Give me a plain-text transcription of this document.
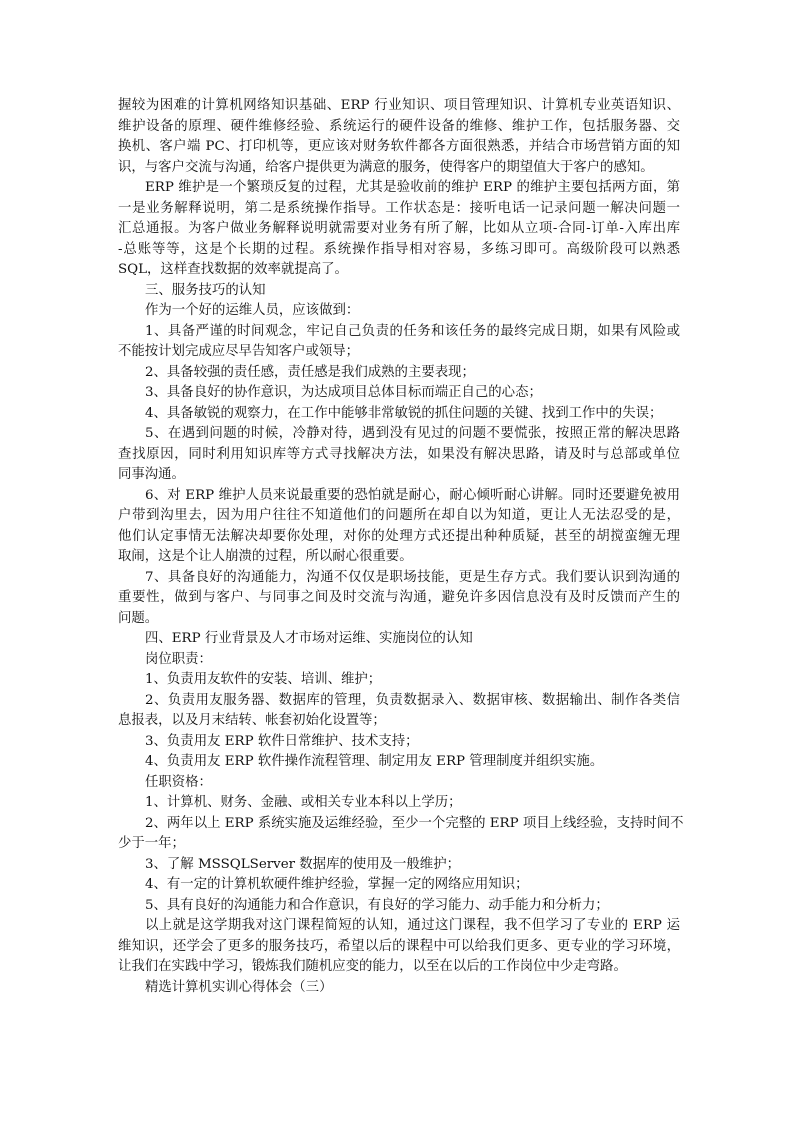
握较为困难的计算机网络知识基础、ERP 行业知识、项目管理知识、计算机专业英语知识、
维护设备的原理、硬件维修经验、系统运行的硬件设备的维修、维护工作，包括服务器、交
换机、客户端 PC、打印机等，更应该对财务软件都各方面很熟悉，并结合市场营销方面的知
识，与客户交流与沟通，给客户提供更为满意的服务，使得客户的期望值大于客户的感知。
ERP 维护是一个繁琐反复的过程，尤其是验收前的维护 ERP 的维护主要包括两方面，第
一是业务解释说明，第二是系统操作指导。工作状态是：接听电话一记录问题一解决问题一
汇总通报。为客户做业务解释说明就需要对业务有所了解，比如从立项-合同-订单-入库出库
-总账等等，这是个长期的过程。系统操作指导相对容易，多练习即可。高级阶段可以熟悉
SQL，这样查找数据的效率就提高了。
三、服务技巧的认知
作为一个好的运维人员，应该做到：
1、具备严谨的时间观念，牢记自己负责的任务和该任务的最终完成日期，如果有风险或
不能按计划完成应尽早告知客户或领导；
2、具备较强的责任感，责任感是我们成熟的主要表现；
3、具备良好的协作意识，为达成项目总体目标而端正自己的心态；
4、具备敏锐的观察力，在工作中能够非常敏锐的抓住问题的关键、找到工作中的失误；
5、在遇到问题的时候，冷静对待，遇到没有见过的问题不要慌张，按照正常的解决思路
查找原因，同时利用知识库等方式寻找解决方法，如果没有解决思路，请及时与总部或单位
同事沟通。
6、对 ERP 维护人员来说最重要的恐怕就是耐心，耐心倾听耐心讲解。同时还要避免被用
户带到沟里去，因为用户往往不知道他们的问题所在却自以为知道，更让人无法忍受的是，
他们认定事情无法解决却要你处理，对你的处理方式还提出种种质疑，甚至的胡搅蛮缠无理
取闹，这是个让人崩溃的过程，所以耐心很重要。
7、具备良好的沟通能力，沟通不仅仅是职场技能，更是生存方式。我们要认识到沟通的
重要性，做到与客户、与同事之间及时交流与沟通，避免许多因信息没有及时反馈而产生的
问题。
四、ERP 行业背景及人才市场对运维、实施岗位的认知
岗位职责：
1、负责用友软件的安装、培训、维护；
2、负责用友服务器、数据库的管理，负责数据录入、数据审核、数据输出、制作各类信
息报表，以及月末结转、帐套初始化设置等；
3、负责用友 ERP 软件日常维护、技术支持；
4、负责用友 ERP 软件操作流程管理、制定用友 ERP 管理制度并组织实施。
任职资格：
1、计算机、财务、金融、或相关专业本科以上学历；
2、两年以上 ERP 系统实施及运维经验，至少一个完整的 ERP 项目上线经验，支持时间不
少于一年；
3、了解 MSSQLServer 数据库的使用及一般维护；
4、有一定的计算机软硬件维护经验，掌握一定的网络应用知识；
5、具有良好的沟通能力和合作意识，有良好的学习能力、动手能力和分析力；
以上就是这学期我对这门课程简短的认知，通过这门课程，我不但学习了专业的 ERP 运
维知识，还学会了更多的服务技巧，希望以后的课程中可以给我们更多、更专业的学习环境，
让我们在实践中学习，锻炼我们随机应变的能力，以至在以后的工作岗位中少走弯路。
精选计算机实训心得体会（三）
